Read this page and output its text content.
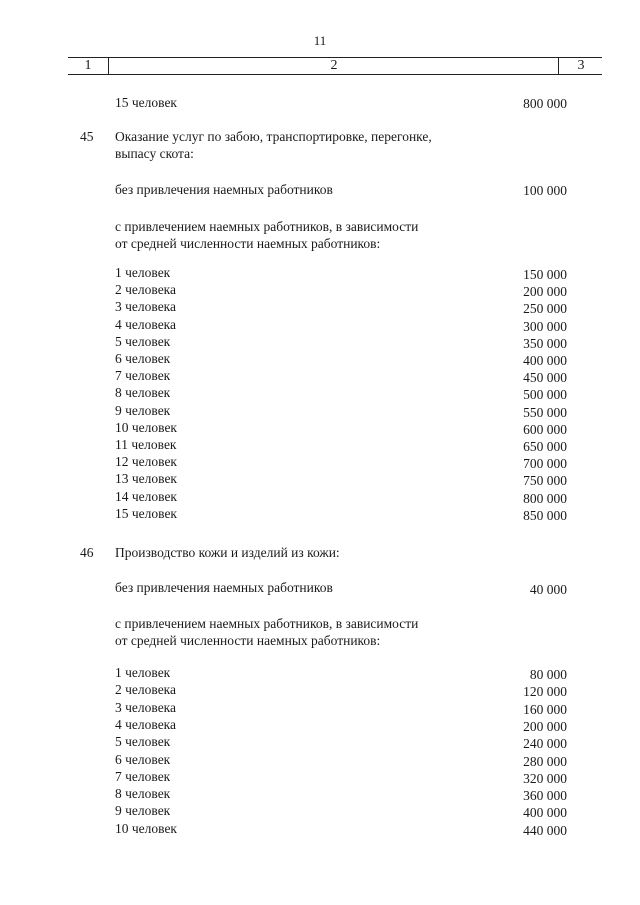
11
1	2	3
15 человек	800 000
45 Оказание услуг по забою, транспортировке, перегонке,
выпасу скота:
без привлечения наемных работников	100 000
с привлечением наемных работников, в зависимости
от средней численности наемных работников:
1 человек	150 000
2 человека	200 000
3 человека	250 000
4 человека	300 000
5 человек	350 000
6 человек	400 000
7 человек	450 000
8 человек	500 000
9 человек	550 000
10 человек	600 000
11 человек	650 000
12 человек	700 000
13 человек	750 000
14 человек	800 000
15 человек	850 000
46 Производство кожи и изделий из кожи:
без привлечения наемных работников	40 000
с привлечением наемных работников, в зависимости
от средней численности наемных работников:
1 человек	80 000
2 человека	120 000
3 человека	160 000
4 человека	200 000
5 человек	240 000
6 человек	280 000
7 человек	320 000
8 человек	360 000
9 человек	400 000
10 человек	440 000
